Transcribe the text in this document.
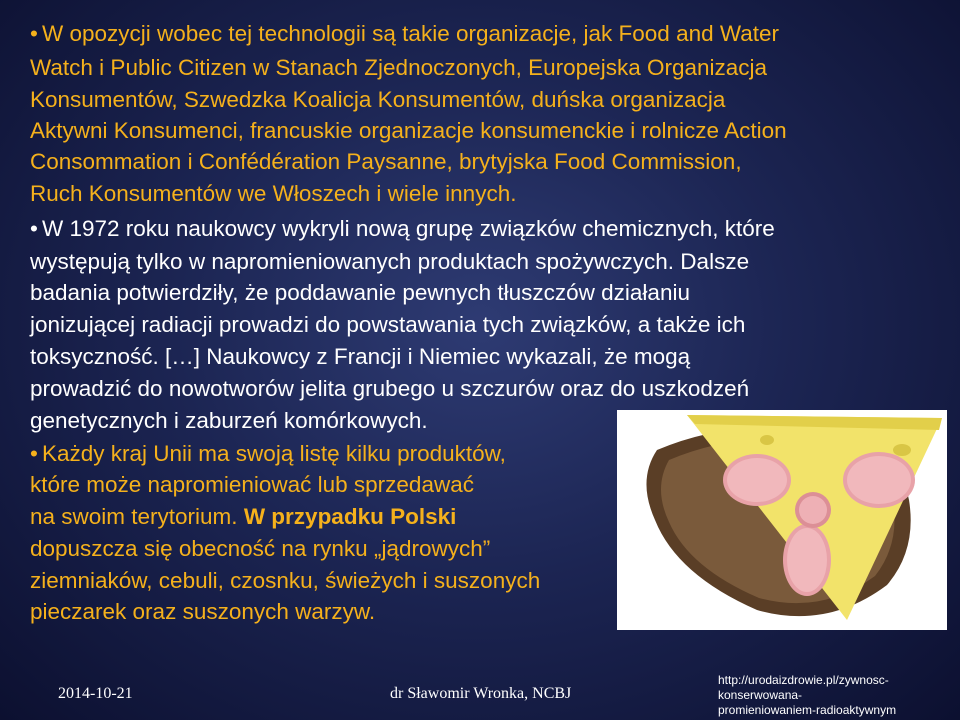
• W opozycji wobec tej technologii są takie organizacje, jak Food and Water
Watch i Public Citizen w Stanach Zjednoczonych, Europejska Organizacja
Konsumentów, Szwedzka Koalicja Konsumentów, duńska organizacja
Aktywni Konsumenci, francuskie organizacje konsumenckie i rolnicze Action
Consommation i Confédération Paysanne, brytyjska Food Commission,
Ruch Konsumentów we Włoszech i wiele innych.
• W 1972 roku naukowcy wykryli nową grupę związków chemicznych, które
występują tylko w napromieniowanych produktach spożywczych. Dalsze
badania potwierdziły, że poddawanie pewnych tłuszczów działaniu
jonizującej radiacji prowadzi do powstawania tych związków, a także ich
toksyczność. […] Naukowcy z Francji i Niemiec wykazali, że mogą
prowadzić do nowotworów jelita grubego u szczurów oraz do uszkodzeń
genetycznych i zaburzeń komórkowych.
• Każdy kraj Unii ma swoją listę kilku produktów,
które może napromieniować lub sprzedawać
na swoim terytorium. W przypadku Polski
dopuszcza się obecność na rynku „jądrowych”
ziemniaków, cebuli, czosnku, świeżych i suszonych
pieczarek oraz suszonych warzyw.
2014-10-21	dr Sławomir Wronka, NCBJ
http://urodaizdrowie.pl/zywnosc-konserwowana-
promieniowaniem-radioaktywnym
